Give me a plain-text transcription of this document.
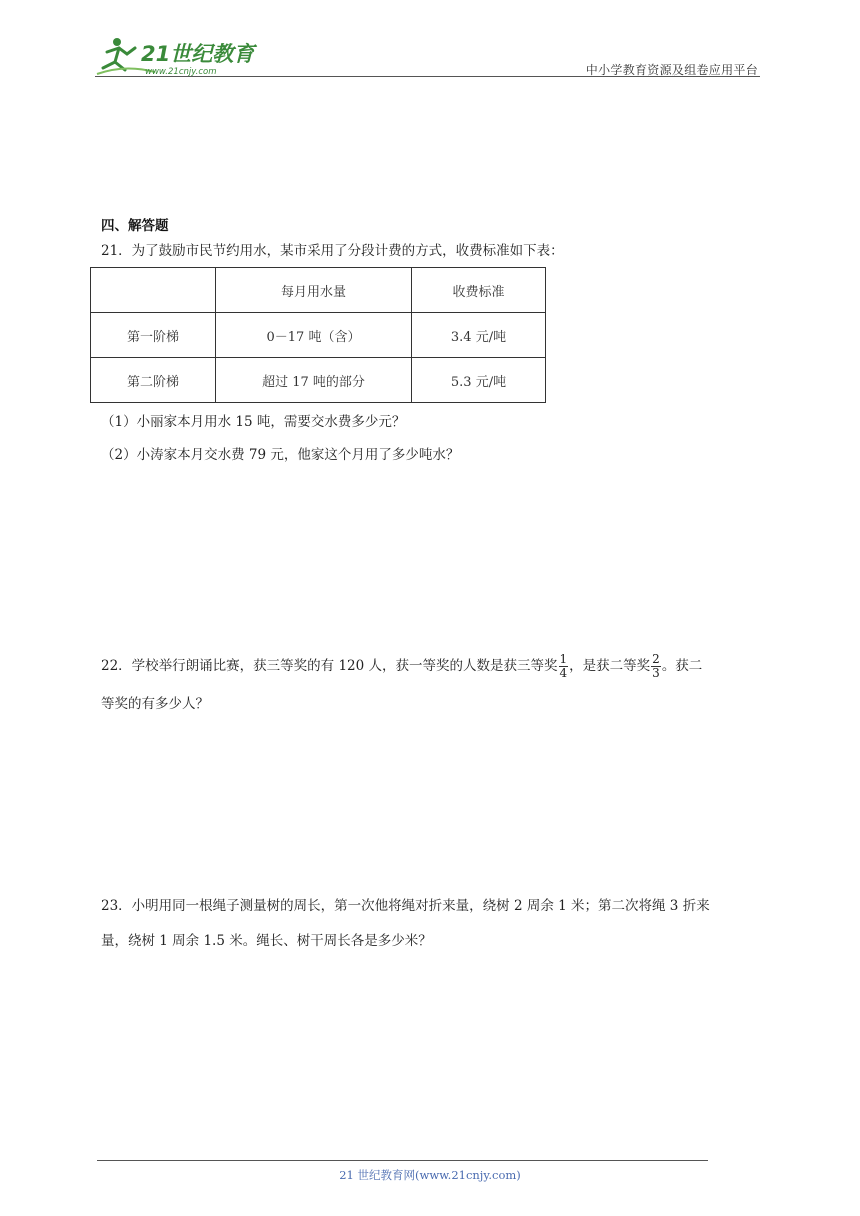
21世纪教育
www.21cnjy.com	中小学教育资源及组卷应用平台
四、解答题
21．为了鼓励市民节约用水，某市采用了分段计费的方式，收费标准如下表：
	每月用水量	收费标准
第一阶梯	0－17 吨（含）	3.4 元/吨
第二阶梯	超过 17 吨的部分	5.3 元/吨
（1）小丽家本月用水 15 吨，需要交水费多少元？
（2）小涛家本月交水费 79 元，他家这个月用了多少吨水？
22．学校举行朗诵比赛，获三等奖的有 120 人，获一等奖的人数是获三等奖 $\frac{1}{4}$ ，是获二等奖 $\frac{2}{3}$ 。获二
等奖的有多少人？
23．小明用同一根绳子测量树的周长，第一次他将绳对折来量，绕树 2 周余 1 米；第二次将绳 3 折来
量，绕树 1 周余 1.5 米。绳长、树干周长各是多少米？
21 世纪教育网(www.21cnjy.com)
